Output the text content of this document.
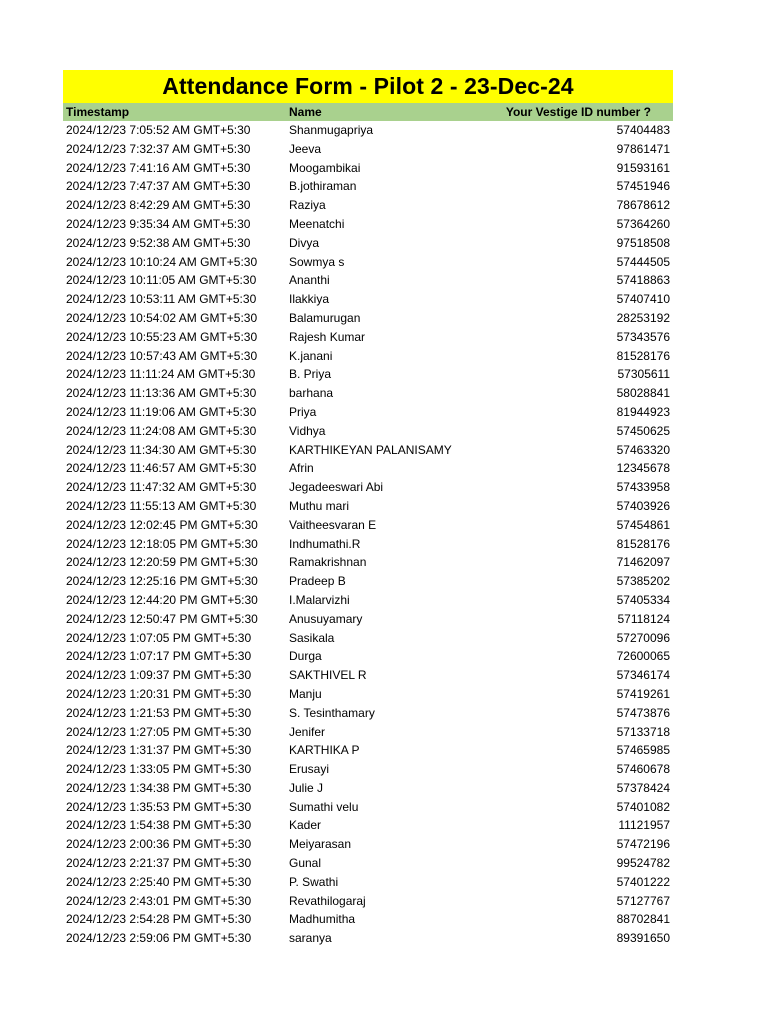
Attendance Form - Pilot 2 - 23-Dec-24
Timestamp	Name	Your Vestige ID number ?
2024/12/23 7:05:52 AM GMT+5:30	Shanmugapriya	57404483
2024/12/23 7:32:37 AM GMT+5:30	Jeeva	97861471
2024/12/23 7:41:16 AM GMT+5:30	Moogambikai	91593161
2024/12/23 7:47:37 AM GMT+5:30	B.jothiraman	57451946
2024/12/23 8:42:29 AM GMT+5:30	Raziya	78678612
2024/12/23 9:35:34 AM GMT+5:30	Meenatchi	57364260
2024/12/23 9:52:38 AM GMT+5:30	Divya	97518508
2024/12/23 10:10:24 AM GMT+5:30	Sowmya s	57444505
2024/12/23 10:11:05 AM GMT+5:30	Ananthi	57418863
2024/12/23 10:53:11 AM GMT+5:30	Ilakkiya	57407410
2024/12/23 10:54:02 AM GMT+5:30	Balamurugan	28253192
2024/12/23 10:55:23 AM GMT+5:30	Rajesh Kumar	57343576
2024/12/23 10:57:43 AM GMT+5:30	K.janani	81528176
2024/12/23 11:11:24 AM GMT+5:30	B. Priya	57305611
2024/12/23 11:13:36 AM GMT+5:30	barhana	58028841
2024/12/23 11:19:06 AM GMT+5:30	Priya	81944923
2024/12/23 11:24:08 AM GMT+5:30	Vidhya	57450625
2024/12/23 11:34:30 AM GMT+5:30	KARTHIKEYAN PALANISAMY	57463320
2024/12/23 11:46:57 AM GMT+5:30	Afrin	12345678
2024/12/23 11:47:32 AM GMT+5:30	Jegadeeswari Abi	57433958
2024/12/23 11:55:13 AM GMT+5:30	Muthu mari	57403926
2024/12/23 12:02:45 PM GMT+5:30	Vaitheesvaran E	57454861
2024/12/23 12:18:05 PM GMT+5:30	Indhumathi.R	81528176
2024/12/23 12:20:59 PM GMT+5:30	Ramakrishnan	71462097
2024/12/23 12:25:16 PM GMT+5:30	Pradeep B	57385202
2024/12/23 12:44:20 PM GMT+5:30	I.Malarvizhi	57405334
2024/12/23 12:50:47 PM GMT+5:30	Anusuyamary	57118124
2024/12/23 1:07:05 PM GMT+5:30	Sasikala	57270096
2024/12/23 1:07:17 PM GMT+5:30	Durga	72600065
2024/12/23 1:09:37 PM GMT+5:30	SAKTHIVEL R	57346174
2024/12/23 1:20:31 PM GMT+5:30	Manju	57419261
2024/12/23 1:21:53 PM GMT+5:30	S. Tesinthamary	57473876
2024/12/23 1:27:05 PM GMT+5:30	Jenifer	57133718
2024/12/23 1:31:37 PM GMT+5:30	KARTHIKA P	57465985
2024/12/23 1:33:05 PM GMT+5:30	Erusayi	57460678
2024/12/23 1:34:38 PM GMT+5:30	Julie J	57378424
2024/12/23 1:35:53 PM GMT+5:30	Sumathi velu	57401082
2024/12/23 1:54:38 PM GMT+5:30	Kader	11121957
2024/12/23 2:00:36 PM GMT+5:30	Meiyarasan	57472196
2024/12/23 2:21:37 PM GMT+5:30	Gunal	99524782
2024/12/23 2:25:40 PM GMT+5:30	P. Swathi	57401222
2024/12/23 2:43:01 PM GMT+5:30	Revathilogaraj	57127767
2024/12/23 2:54:28 PM GMT+5:30	Madhumitha	88702841
2024/12/23 2:59:06 PM GMT+5:30	saranya	89391650
